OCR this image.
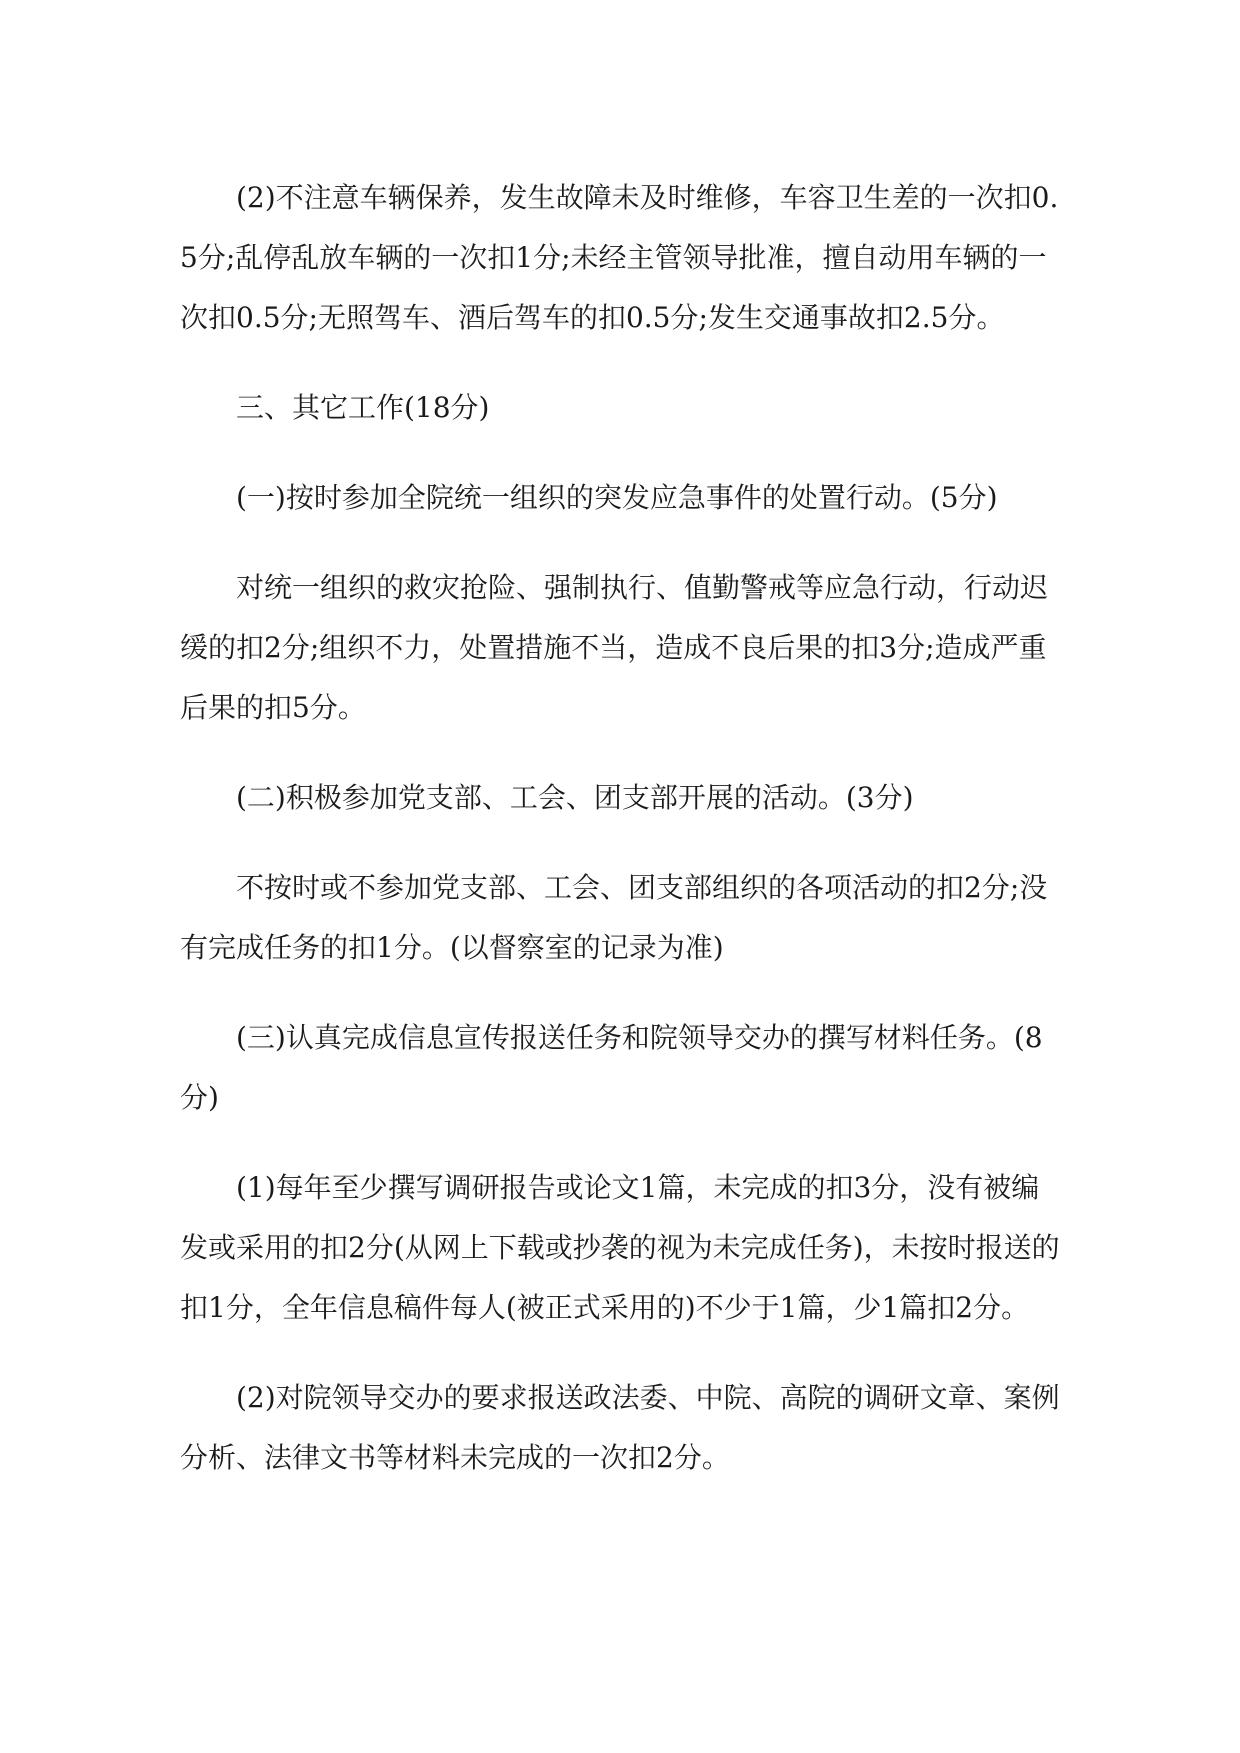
(2)不注意车辆保养，发生故障未及时维修，车容卫生差的一次扣0.5分;乱停乱放车辆的一次扣1分;未经主管领导批准，擅自动用车辆的一次扣0.5分;无照驾车、酒后驾车的扣0.5分;发生交通事故扣2.5分。

三、其它工作(18分)

(一)按时参加全院统一组织的突发应急事件的处置行动。(5分)

对统一组织的救灾抢险、强制执行、值勤警戒等应急行动，行动迟缓的扣2分;组织不力，处置措施不当，造成不良后果的扣3分;造成严重后果的扣5分。

(二)积极参加党支部、工会、团支部开展的活动。(3分)

不按时或不参加党支部、工会、团支部组织的各项活动的扣2分;没有完成任务的扣1分。(以督察室的记录为准)

(三)认真完成信息宣传报送任务和院领导交办的撰写材料任务。(8分)

(1)每年至少撰写调研报告或论文1篇，未完成的扣3分，没有被编发或采用的扣2分(从网上下载或抄袭的视为未完成任务)，未按时报送的扣1分，全年信息稿件每人(被正式采用的)不少于1篇，少1篇扣2分。

(2)对院领导交办的要求报送政法委、中院、高院的调研文章、案例分析、法律文书等材料未完成的一次扣2分。
